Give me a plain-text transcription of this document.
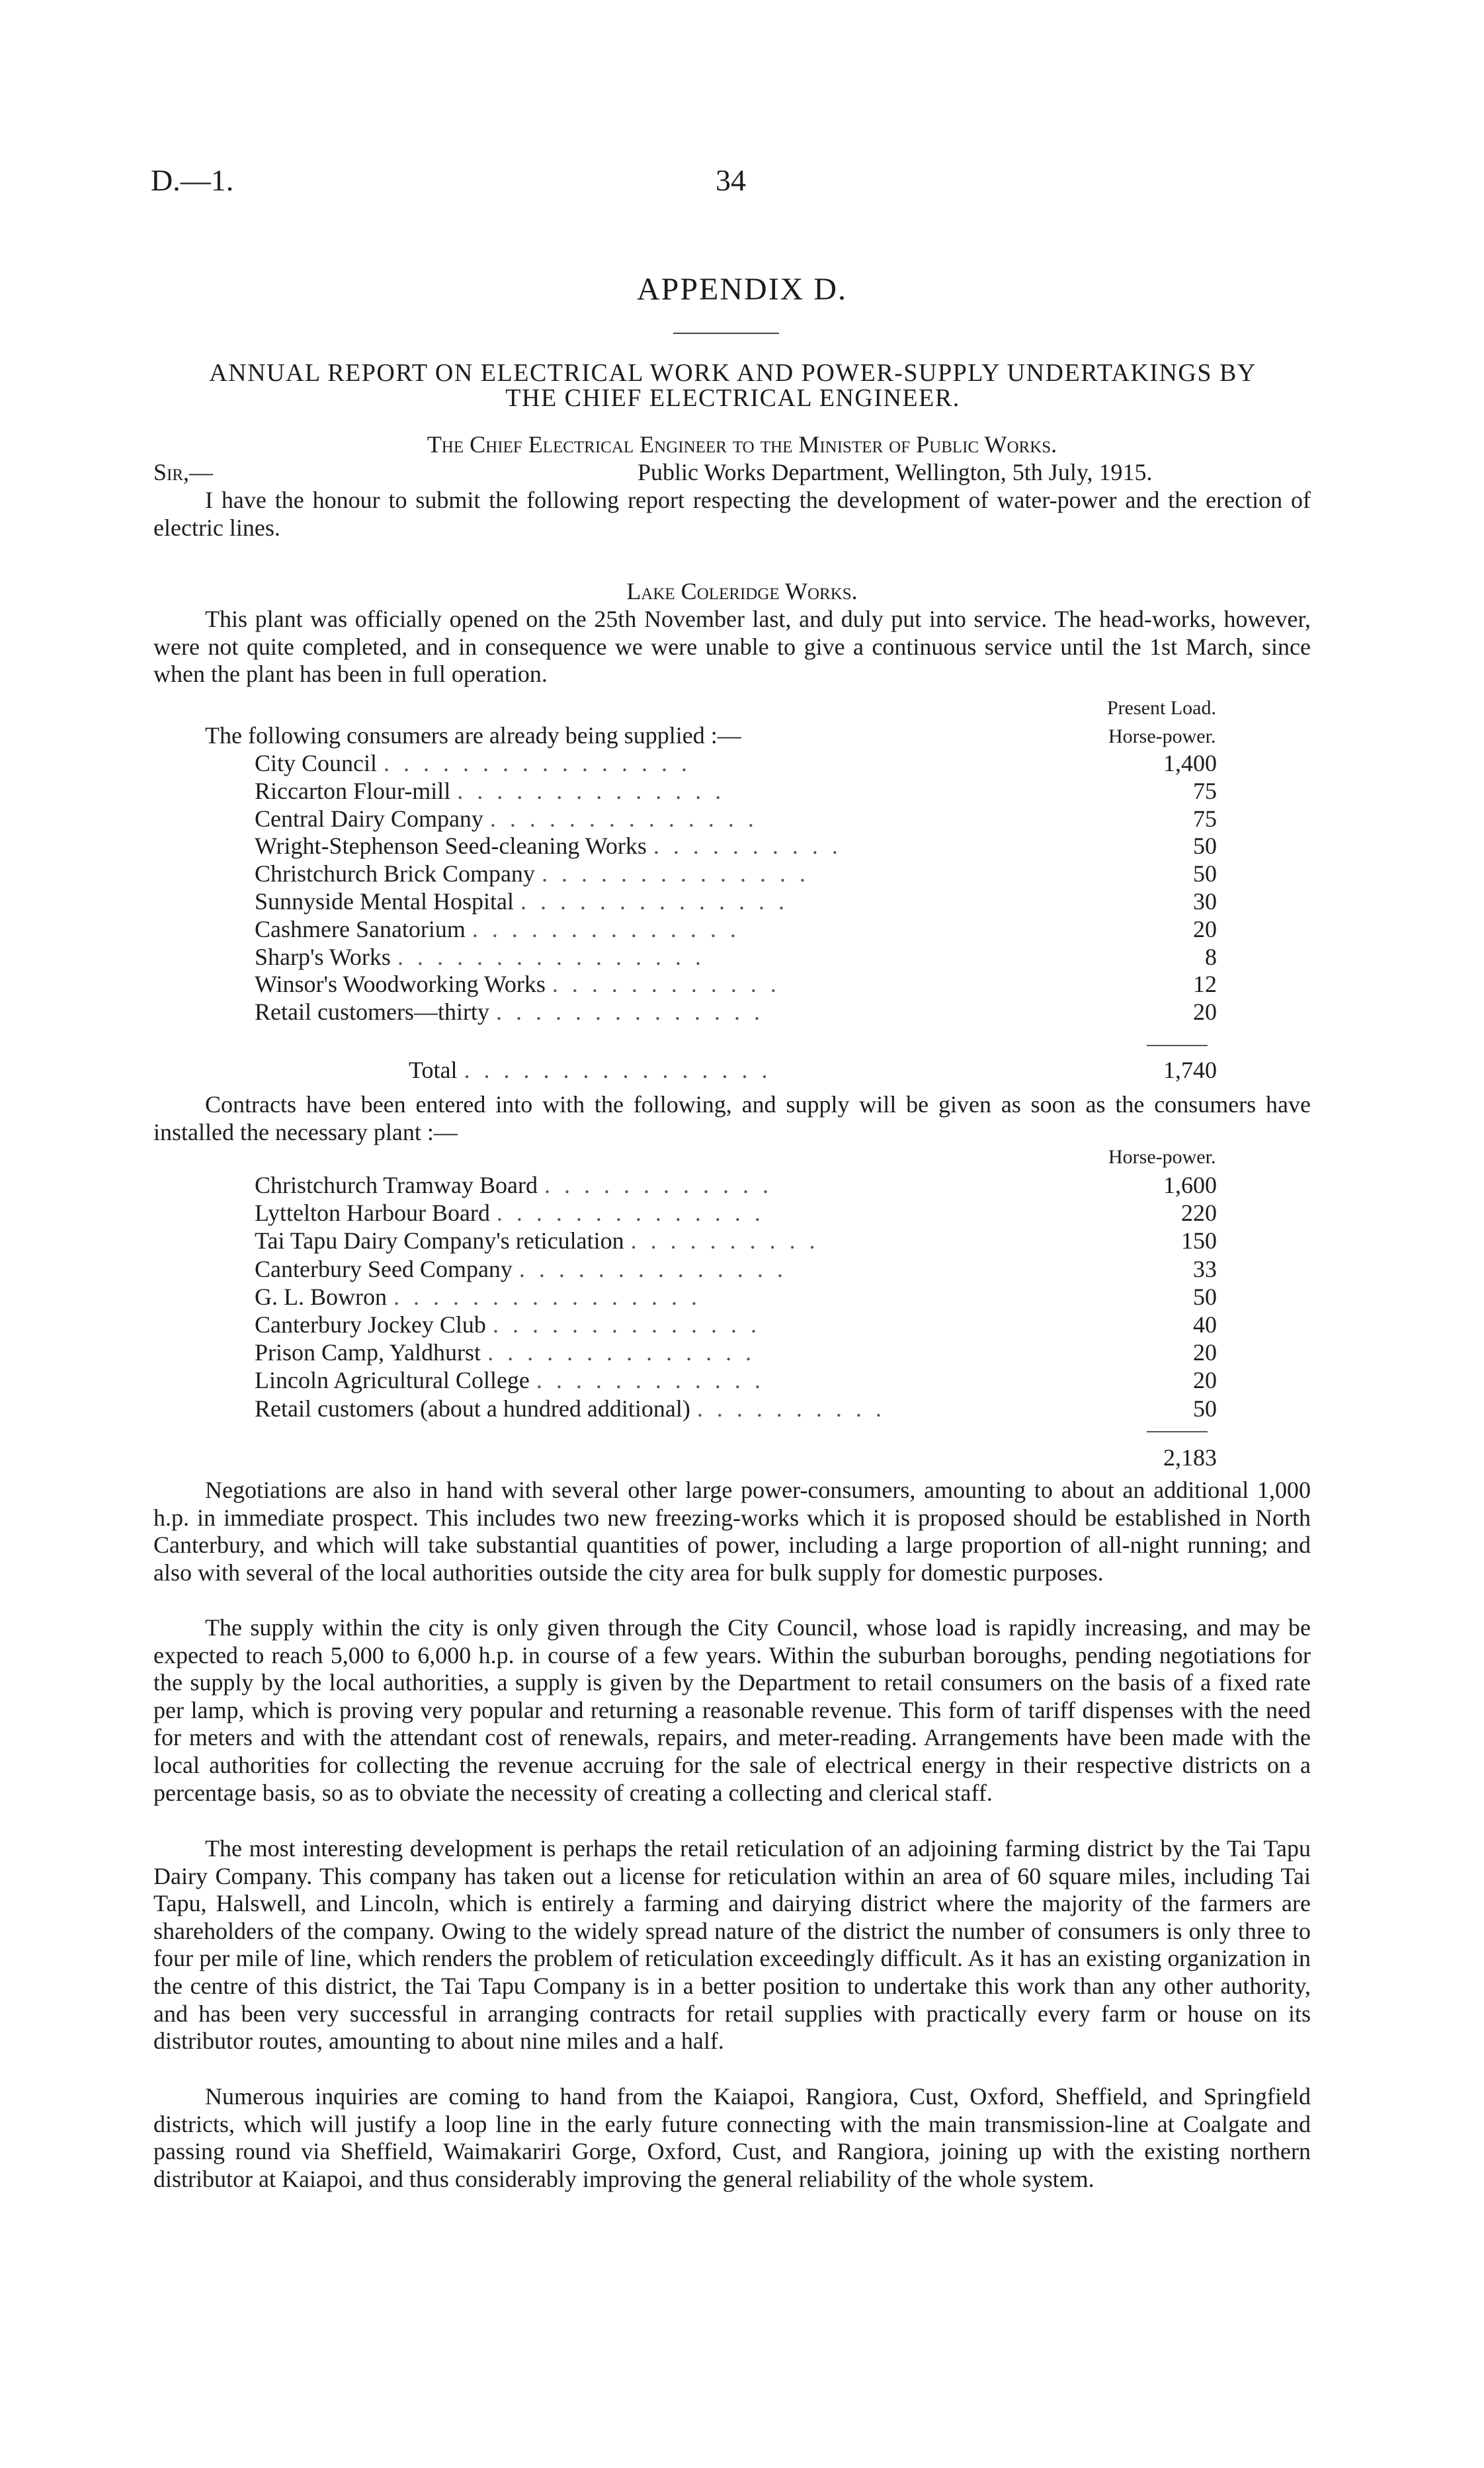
D.—1.	34
APPENDIX D.
ANNUAL REPORT ON ELECTRICAL WORK AND POWER-SUPPLY UNDERTAKINGS BY
THE CHIEF ELECTRICAL ENGINEER.
The Chief Electrical Engineer to the Minister of Public Works.
Sir,—	Public Works Department, Wellington, 5th July, 1915.
I have the honour to submit the following report respecting the development of water-power and the erection of electric lines.
Lake Coleridge Works.
This plant was officially opened on the 25th November last, and duly put into service. The head-works, however, were not quite completed, and in consequence we were unable to give a continuous service until the 1st March, since when the plant has been in full operation.
Present Load.
Horse-power.
The following consumers are already being supplied :—
City Council . . . . . . . . . . . . . . . .	1,400
Riccarton Flour-mill . . . . . . . . . . . . . .	75
Central Dairy Company . . . . . . . . . . . . . .	75
Wright-Stephenson Seed-cleaning Works . . . . . . . . . .	50
Christchurch Brick Company . . . . . . . . . . . . . .	50
Sunnyside Mental Hospital . . . . . . . . . . . . . .	30
Cashmere Sanatorium . . . . . . . . . . . . . .	20
Sharp's Works . . . . . . . . . . . . . . . .	8
Winsor's Woodworking Works . . . . . . . . . . . .	12
Retail customers—thirty . . . . . . . . . . . . . .	20
Total . . . . . . . . . . . . . . . .	1,740
Contracts have been entered into with the following, and supply will be given as soon as the consumers have installed the necessary plant :—
Horse-power.
Christchurch Tramway Board . . . . . . . . . . . .	1,600
Lyttelton Harbour Board . . . . . . . . . . . . . .	220
Tai Tapu Dairy Company's reticulation . . . . . . . . . .	150
Canterbury Seed Company . . . . . . . . . . . . . .	33
G. L. Bowron . . . . . . . . . . . . . . . .	50
Canterbury Jockey Club . . . . . . . . . . . . . .	40
Prison Camp, Yaldhurst . . . . . . . . . . . . . .	20
Lincoln Agricultural College . . . . . . . . . . . .	20
Retail customers (about a hundred additional) . . . . . . . . . .	50
2,183
Negotiations are also in hand with several other large power-consumers, amounting to about an additional 1,000 h.p. in immediate prospect. This includes two new freezing-works which it is proposed should be established in North Canterbury, and which will take substantial quantities of power, including a large proportion of all-night running; and also with several of the local authorities outside the city area for bulk supply for domestic purposes.
The supply within the city is only given through the City Council, whose load is rapidly increasing, and may be expected to reach 5,000 to 6,000 h.p. in course of a few years. Within the suburban boroughs, pending negotiations for the supply by the local authorities, a supply is given by the Department to retail consumers on the basis of a fixed rate per lamp, which is proving very popular and returning a reasonable revenue. This form of tariff dispenses with the need for meters and with the attendant cost of renewals, repairs, and meter-reading. Arrangements have been made with the local authorities for collecting the revenue accruing for the sale of electrical energy in their respective districts on a percentage basis, so as to obviate the necessity of creating a collecting and clerical staff.
The most interesting development is perhaps the retail reticulation of an adjoining farming district by the Tai Tapu Dairy Company. This company has taken out a license for reticulation within an area of 60 square miles, including Tai Tapu, Halswell, and Lincoln, which is entirely a farming and dairying district where the majority of the farmers are shareholders of the company. Owing to the widely spread nature of the district the number of consumers is only three to four per mile of line, which renders the problem of reticulation exceedingly difficult. As it has an existing organization in the centre of this district, the Tai Tapu Company is in a better position to undertake this work than any other authority, and has been very successful in arranging contracts for retail supplies with practically every farm or house on its distributor routes, amounting to about nine miles and a half.
Numerous inquiries are coming to hand from the Kaiapoi, Rangiora, Cust, Oxford, Sheffield, and Springfield districts, which will justify a loop line in the early future connecting with the main transmission-line at Coalgate and passing round via Sheffield, Waimakariri Gorge, Oxford, Cust, and Rangiora, joining up with the existing northern distributor at Kaiapoi, and thus considerably improving the general reliability of the whole system.
